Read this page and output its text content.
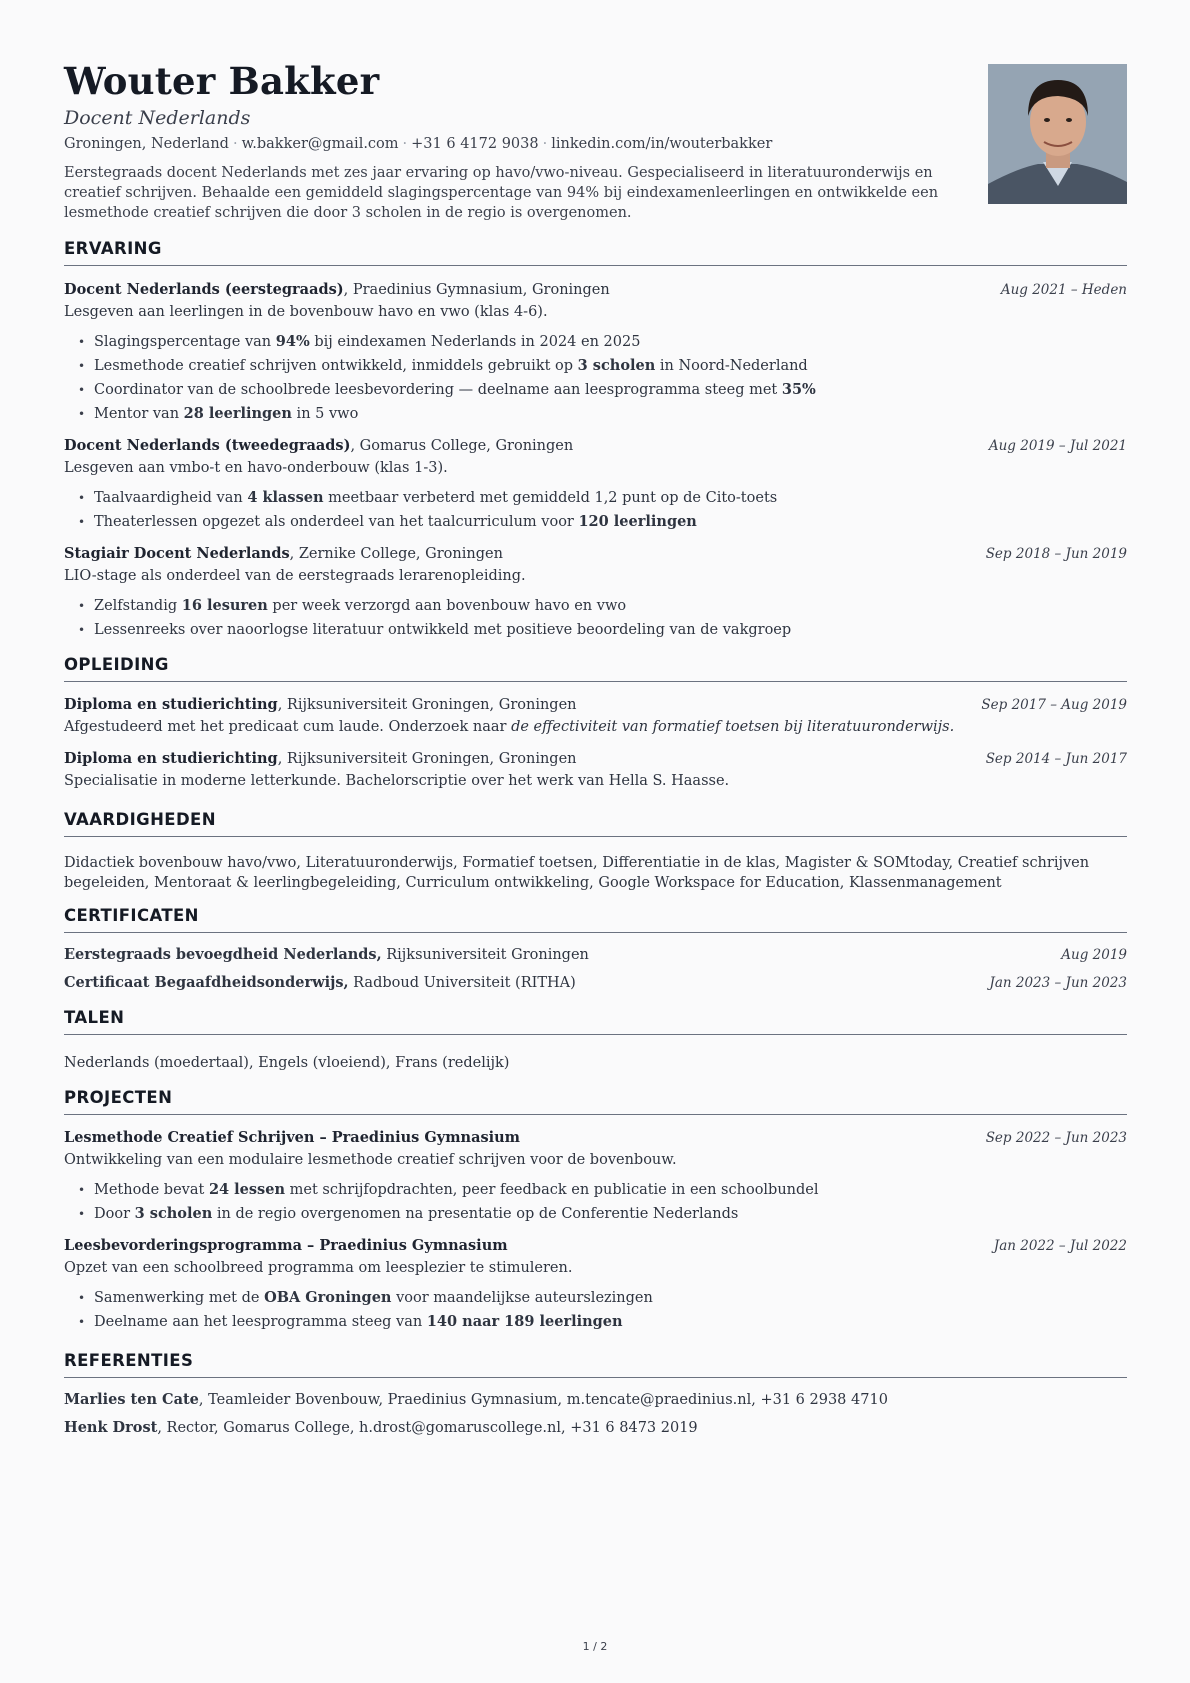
Wouter Bakker
Docent Nederlands
Groningen, Nederland · w.bakker@gmail.com · +31 6 4172 9038 · linkedin.com/in/wouterbakker
Eerstegraads docent Nederlands met zes jaar ervaring op havo/vwo-niveau. Gespecialiseerd in literatuuronderwijs en creatief schrijven. Behaalde een gemiddeld slagingspercentage van 94% bij eindexamenleerlingen en ontwikkelde een lesmethode creatief schrijven die door 3 scholen in de regio is overgenomen.
ERVARING
Docent Nederlands (eerstegraads), Praedinius Gymnasium, Groningen	Aug 2021 – Heden
Lesgeven aan leerlingen in de bovenbouw havo en vwo (klas 4-6).
• Slagingspercentage van 94% bij eindexamen Nederlands in 2024 en 2025
• Lesmethode creatief schrijven ontwikkeld, inmiddels gebruikt op 3 scholen in Noord-Nederland
• Coordinator van de schoolbrede leesbevordering — deelname aan leesprogramma steeg met 35%
• Mentor van 28 leerlingen in 5 vwo
Docent Nederlands (tweedegraads), Gomarus College, Groningen	Aug 2019 – Jul 2021
Lesgeven aan vmbo-t en havo-onderbouw (klas 1-3).
• Taalvaardigheid van 4 klassen meetbaar verbeterd met gemiddeld 1,2 punt op de Cito-toets
• Theaterlessen opgezet als onderdeel van het taalcurriculum voor 120 leerlingen
Stagiair Docent Nederlands, Zernike College, Groningen	Sep 2018 – Jun 2019
LIO-stage als onderdeel van de eerstegraads lerarenopleiding.
• Zelfstandig 16 lesuren per week verzorgd aan bovenbouw havo en vwo
• Lessenreeks over naoorlogse literatuur ontwikkeld met positieve beoordeling van de vakgroep
OPLEIDING
Diploma en studierichting, Rijksuniversiteit Groningen, Groningen	Sep 2017 – Aug 2019
Afgestudeerd met het predicaat cum laude. Onderzoek naar de effectiviteit van formatief toetsen bij literatuuronderwijs.
Diploma en studierichting, Rijksuniversiteit Groningen, Groningen	Sep 2014 – Jun 2017
Specialisatie in moderne letterkunde. Bachelorscriptie over het werk van Hella S. Haasse.
VAARDIGHEDEN
Didactiek bovenbouw havo/vwo, Literatuuronderwijs, Formatief toetsen, Differentiatie in de klas, Magister & SOMtoday, Creatief schrijven begeleiden, Mentoraat & leerlingbegeleiding, Curriculum ontwikkeling, Google Workspace for Education, Klassenmanagement
CERTIFICATEN
Eerstegraads bevoegdheid Nederlands, Rijksuniversiteit Groningen	Aug 2019
Certificaat Begaafdheidsonderwijs, Radboud Universiteit (RITHA)	Jan 2023 – Jun 2023
TALEN
Nederlands (moedertaal), Engels (vloeiend), Frans (redelijk)
PROJECTEN
Lesmethode Creatief Schrijven – Praedinius Gymnasium	Sep 2022 – Jun 2023
Ontwikkeling van een modulaire lesmethode creatief schrijven voor de bovenbouw.
• Methode bevat 24 lessen met schrijfopdrachten, peer feedback en publicatie in een schoolbundel
• Door 3 scholen in de regio overgenomen na presentatie op de Conferentie Nederlands
Leesbevorderingsprogramma – Praedinius Gymnasium	Jan 2022 – Jul 2022
Opzet van een schoolbreed programma om leesplezier te stimuleren.
• Samenwerking met de OBA Groningen voor maandelijkse auteurslezingen
• Deelname aan het leesprogramma steeg van 140 naar 189 leerlingen
REFERENTIES
Marlies ten Cate, Teamleider Bovenbouw, Praedinius Gymnasium, m.tencate@praedinius.nl, +31 6 2938 4710
Henk Drost, Rector, Gomarus College, h.drost@gomaruscollege.nl, +31 6 8473 2019
1 / 2
